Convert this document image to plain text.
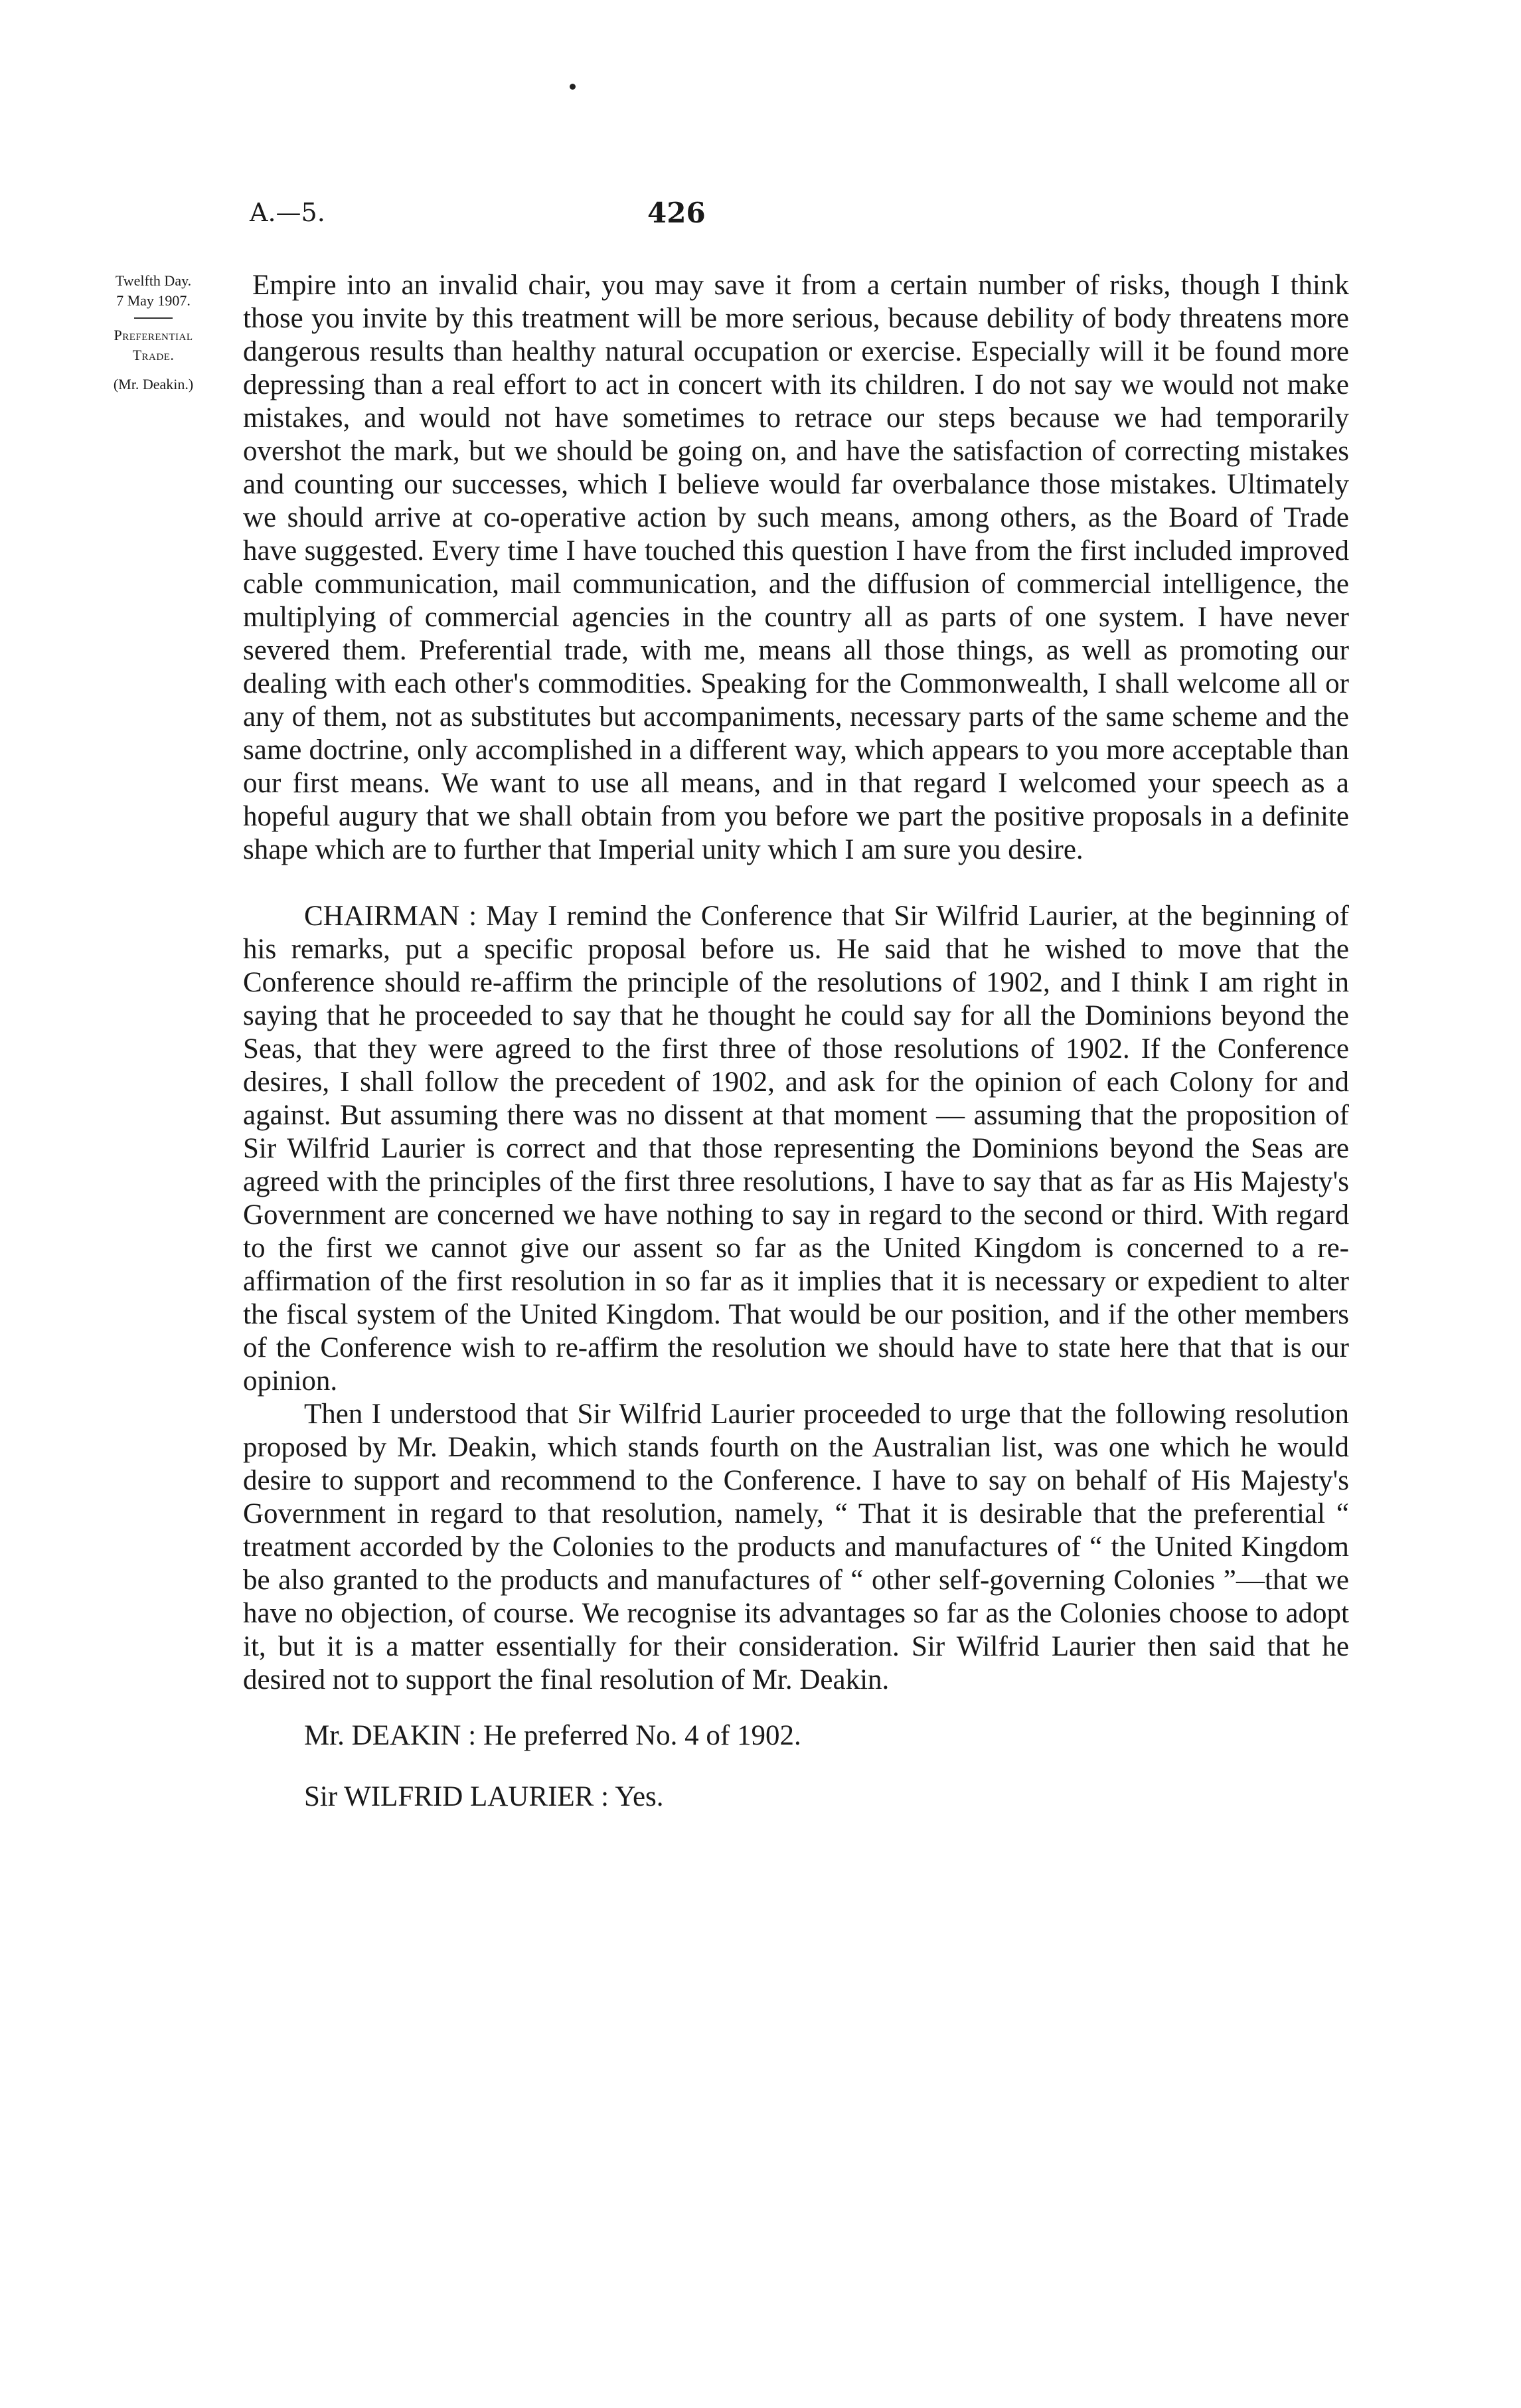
A.—5.	426
Twelfth Day.
7 May 1907.
Preferential
Trade.
(Mr. Deakin.)

Empire into an invalid chair, you may save it from a certain number of risks, though I think those you invite by this treatment will be more serious, because debility of body threatens more dangerous results than healthy natural occupation or exercise. Especially will it be found more depressing than a real effort to act in concert with its children. I do not say we would not make mistakes, and would not have sometimes to retrace our steps because we had temporarily overshot the mark, but we should be going on, and have the satisfaction of correcting mistakes and counting our successes, which I believe would far overbalance those mistakes. Ultimately we should arrive at co-operative action by such means, among others, as the Board of Trade have suggested. Every time I have touched this question I have from the first included improved cable communication, mail communication, and the diffusion of commercial intelligence, the multiplying of commercial agencies in the country all as parts of one system. I have never severed them. Preferential trade, with me, means all those things, as well as promoting our dealing with each other's commodities. Speaking for the Commonwealth, I shall welcome all or any of them, not as substitutes but accompaniments, necessary parts of the same scheme and the same doctrine, only accomplished in a different way, which appears to you more acceptable than our first means. We want to use all means, and in that regard I welcomed your speech as a hopeful augury that we shall obtain from you before we part the positive proposals in a definite shape which are to further that Imperial unity which I am sure you desire.

CHAIRMAN : May I remind the Conference that Sir Wilfrid Laurier, at the beginning of his remarks, put a specific proposal before us. He said that he wished to move that the Conference should re-affirm the principle of the resolutions of 1902, and I think I am right in saying that he proceeded to say that he thought he could say for all the Dominions beyond the Seas, that they were agreed to the first three of those resolutions of 1902. If the Conference desires, I shall follow the precedent of 1902, and ask for the opinion of each Colony for and against. But assuming there was no dissent at that moment — assuming that the proposition of Sir Wilfrid Laurier is correct and that those representing the Dominions beyond the Seas are agreed with the principles of the first three resolutions, I have to say that as far as His Majesty's Government are concerned we have nothing to say in regard to the second or third. With regard to the first we cannot give our assent so far as the United Kingdom is concerned to a re-affirmation of the first resolution in so far as it implies that it is necessary or expedient to alter the fiscal system of the United Kingdom. That would be our position, and if the other members of the Conference wish to re-affirm the resolution we should have to state here that that is our opinion.

Then I understood that Sir Wilfrid Laurier proceeded to urge that the following resolution proposed by Mr. Deakin, which stands fourth on the Australian list, was one which he would desire to support and recommend to the Conference. I have to say on behalf of His Majesty's Government in regard to that resolution, namely, “ That it is desirable that the preferential “ treatment accorded by the Colonies to the products and manufactures of “ the United Kingdom be also granted to the products and manufactures of “ other self-governing Colonies ”—that we have no objection, of course. We recognise its advantages so far as the Colonies choose to adopt it, but it is a matter essentially for their consideration. Sir Wilfrid Laurier then said that he desired not to support the final resolution of Mr. Deakin.

Mr. DEAKIN : He preferred No. 4 of 1902.

Sir WILFRID LAURIER : Yes.
